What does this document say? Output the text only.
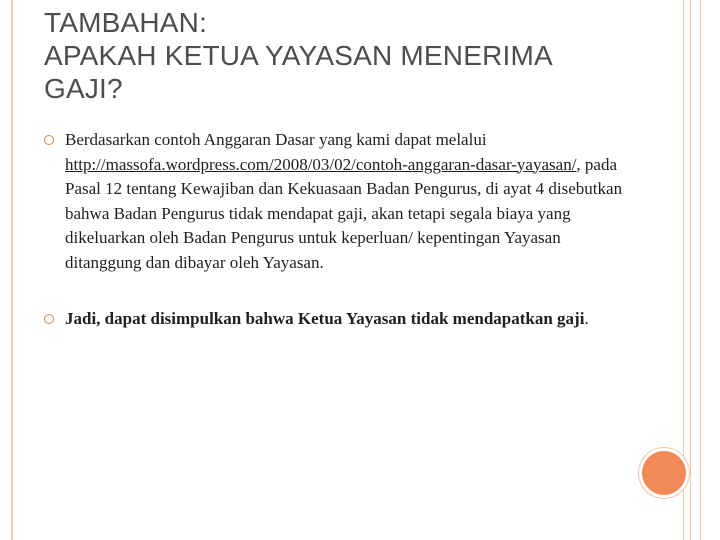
TAMBAHAN:
APAKAH KETUA YAYASAN MENERIMA
GAJI?
Berdasarkan contoh Anggaran Dasar yang kami dapat melalui http://massofa.wordpress.com/2008/03/02/contoh-anggaran-dasar-yayasan/, pada Pasal 12 tentang Kewajiban dan Kekuasaan Badan Pengurus, di ayat 4 disebutkan bahwa Badan Pengurus tidak mendapat gaji, akan tetapi segala biaya yang dikeluarkan oleh Badan Pengurus untuk keperluan/ kepentingan Yayasan ditanggung dan dibayar oleh Yayasan.
Jadi, dapat disimpulkan bahwa Ketua Yayasan tidak mendapatkan gaji.
